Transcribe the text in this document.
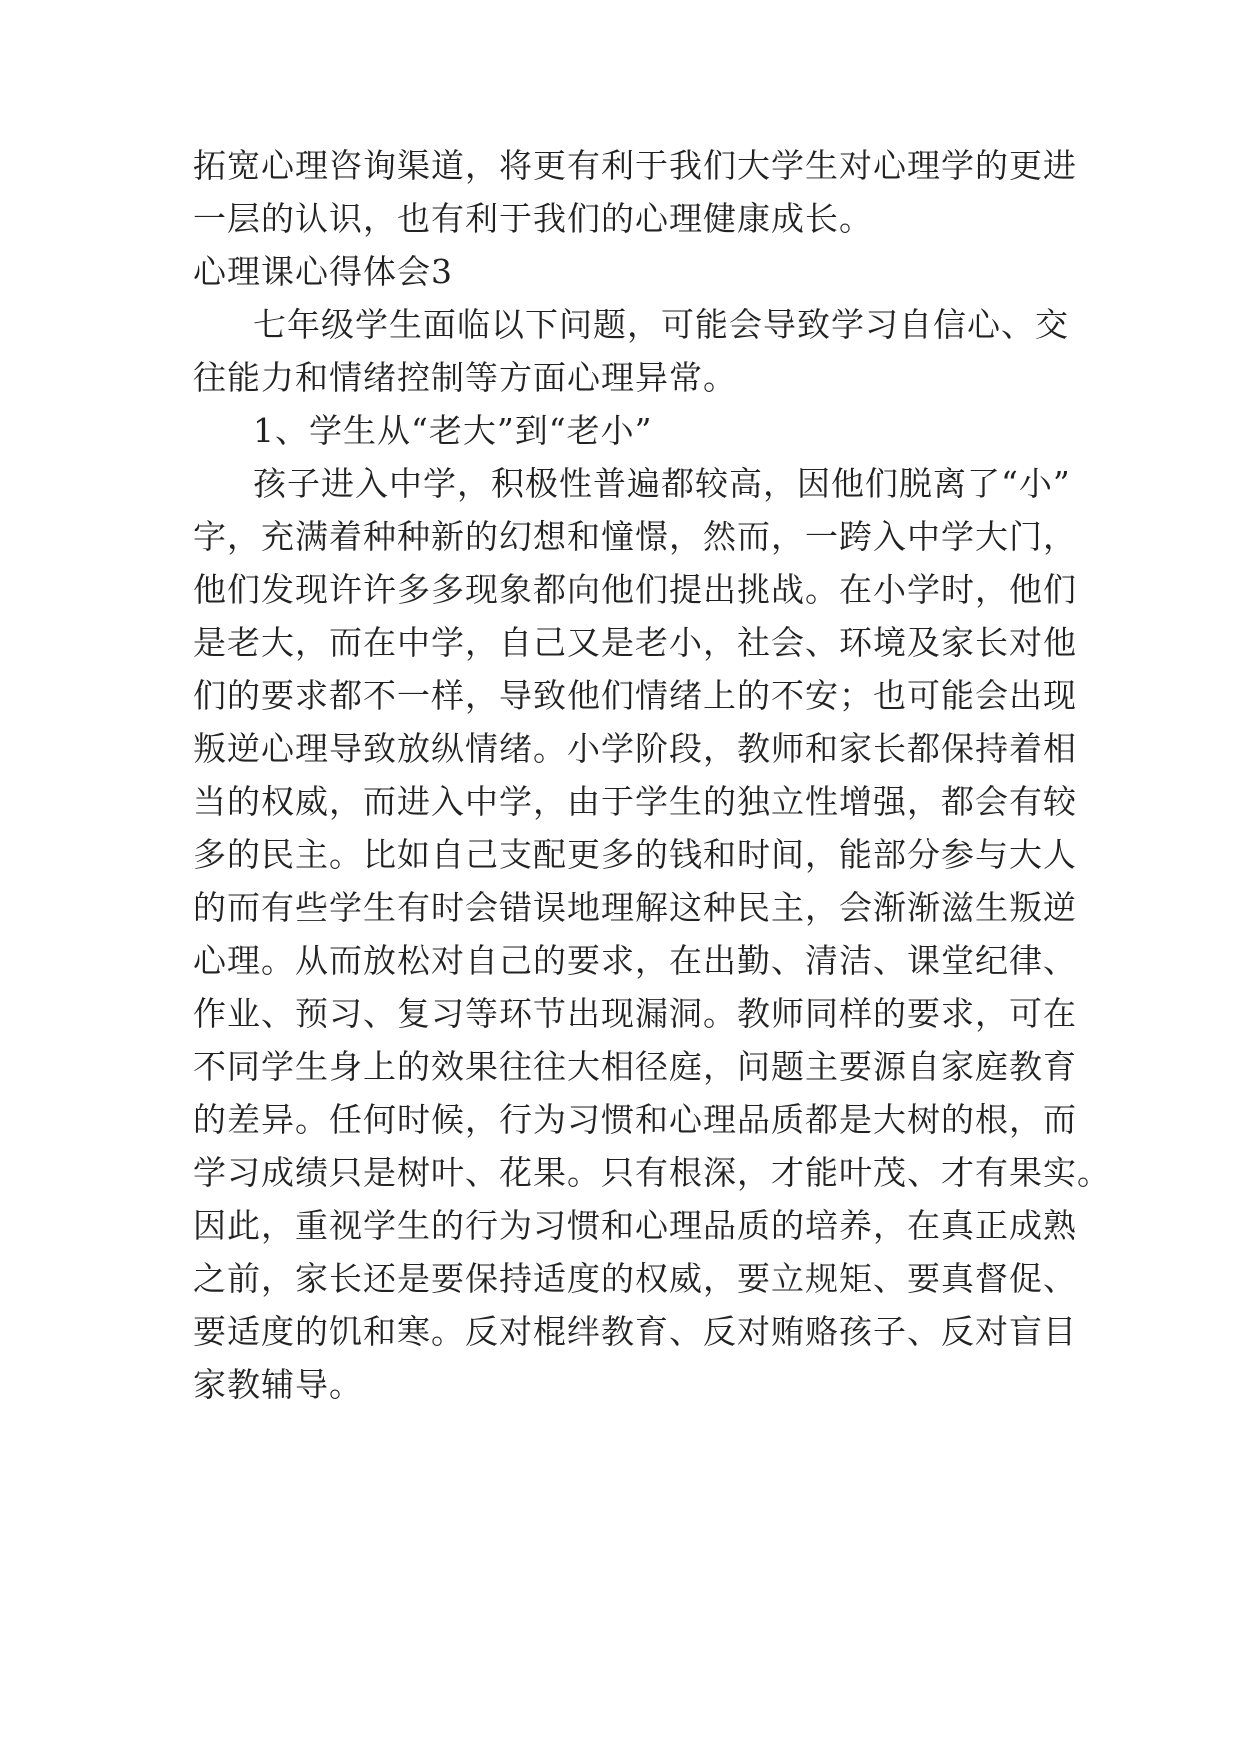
拓宽心理咨询渠道，将更有利于我们大学生对心理学的更进
一层的认识，也有利于我们的心理健康成长。
心理课心得体会3
七年级学生面临以下问题，可能会导致学习自信心、交
往能力和情绪控制等方面心理异常。
1、学生从“老大”到“老小”
孩子进入中学，积极性普遍都较高，因他们脱离了“小”
字，充满着种种新的幻想和憧憬，然而，一跨入中学大门，
他们发现许许多多现象都向他们提出挑战。在小学时，他们
是老大，而在中学，自己又是老小，社会、环境及家长对他
们的要求都不一样，导致他们情绪上的不安；也可能会出现
叛逆心理导致放纵情绪。小学阶段，教师和家长都保持着相
当的权威，而进入中学，由于学生的独立性增强，都会有较
多的民主。比如自己支配更多的钱和时间，能部分参与大人
的而有些学生有时会错误地理解这种民主，会渐渐滋生叛逆
心理。从而放松对自己的要求，在出勤、清洁、课堂纪律、
作业、预习、复习等环节出现漏洞。教师同样的要求，可在
不同学生身上的效果往往大相径庭，问题主要源自家庭教育
的差异。任何时候，行为习惯和心理品质都是大树的根，而
学习成绩只是树叶、花果。只有根深，才能叶茂、才有果实。
因此，重视学生的行为习惯和心理品质的培养，在真正成熟
之前，家长还是要保持适度的权威，要立规矩、要真督促、
要适度的饥和寒。反对棍绊教育、反对贿赂孩子、反对盲目
家教辅导。
